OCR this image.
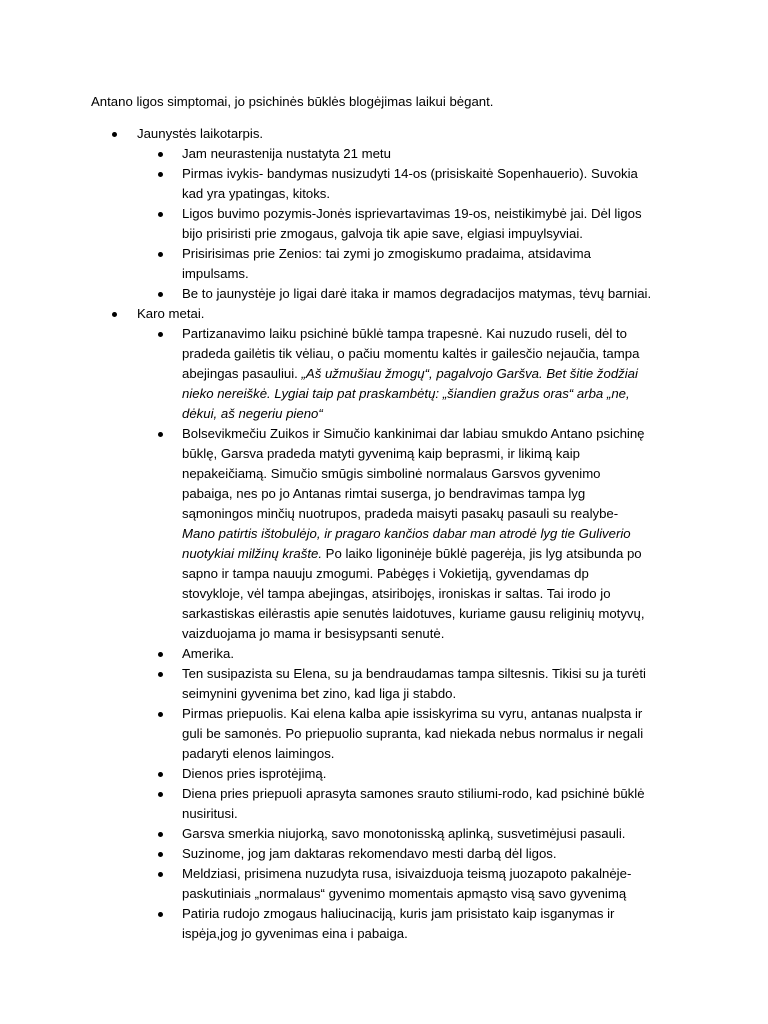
Antano ligos simptomai, jo psichinės būklės blogėjimas laikui bėgant.
Jaunystės laikotarpis.
Jam neurastenija nustatyta 21 metu
Pirmas ivykis- bandymas nusizudyti 14-os (prisiskaitė Sopenhauerio). Suvokia kad yra ypatingas, kitoks.
Ligos buvimo pozymis-Jonės isprievartavimas 19-os, neistikimybė jai. Dėl ligos bijo prisiristi prie zmogaus, galvoja tik apie save, elgiasi impuylsyviai.
Prisirisimas prie Zenios: tai zymi jo zmogiskumo pradaima, atsidavima impulsams.
Be to jaunystėje jo ligai darė itaka ir mamos degradacijos matymas, tėvų barniai.
Karo metai.
Partizanavimo laiku psichinė būklė tampa trapesnė. Kai nuzudo ruseli, dėl to pradeda gailėtis tik vėliau, o pačiu momentu kaltės ir gailesčio nejaučia, tampa abejingas pasauliui. „Aš užmušiau žmogų“, pagalvojo Garšva. Bet šitie žodžiai nieko nereiškė. Lygiai taip pat praskambėtų: „šiandien gražus oras“ arba „ne, dėkui, aš negeriu pieno“
Bolsevikmečiu Zuikos ir Simučio kankinimai dar labiau smukdo Antano psichinę būklę, Garsva pradeda matyti gyvenimą kaip beprasmi, ir likimą kaip nepakeičiamą. Simučio smūgis simbolinė normalaus Garsvos gyvenimo pabaiga, nes po jo Antanas rimtai suserga, jo bendravimas tampa lyg sąmoningos minčių nuotrupos, pradeda maisyti pasakų pasauli su realybe- Mano patirtis ištobulėjo, ir pragaro kančios dabar man atrodė lyg tie Guliverio nuotykiai milžinų krašte. Po laiko ligoninėje būklė pagerėja, jis lyg atsibunda po sapno ir tampa nauuju zmogumi. Pabėgęs i Vokietiją, gyvendamas dp stovykloje, vėl tampa abejingas, atsiribojęs, ironiskas ir saltas. Tai irodo jo sarkastiskas eilėrastis apie senutės laidotuves, kuriame gausu religinių motyvų, vaizduojama jo mama ir besisypsanti senutė.
Amerika.
Ten susipazista su Elena, su ja bendraudamas tampa siltesnis. Tikisi su ja turėti seimynini gyvenima bet zino, kad liga ji stabdo.
Pirmas priepuolis. Kai elena kalba apie issiskyrima su vyru, antanas nualpsta ir guli be samonės. Po priepuolio supranta, kad niekada nebus normalus ir negali padaryti elenos laimingos.
Dienos pries isprotėjimą.
Diena pries priepuoli aprasyta samones srauto stiliumi-rodo, kad psichinė būklė nusiritusi.
Garsva smerkia niujorką, savo monotonisską aplinką, susvetimėjusi pasauli.
Suzinome, jog jam daktaras rekomendavo mesti darbą dėl ligos.
Meldziasi, prisimena nuzudyta rusa, isivaizduoja teismą juozapoto pakalnėje- paskutiniais „normalaus“ gyvenimo momentais apmąsto visą savo gyvenimą
Patiria rudojo zmogaus haliucinaciją, kuris jam prisistato kaip isganymas ir ispėja,jog jo gyvenimas eina i pabaiga.
